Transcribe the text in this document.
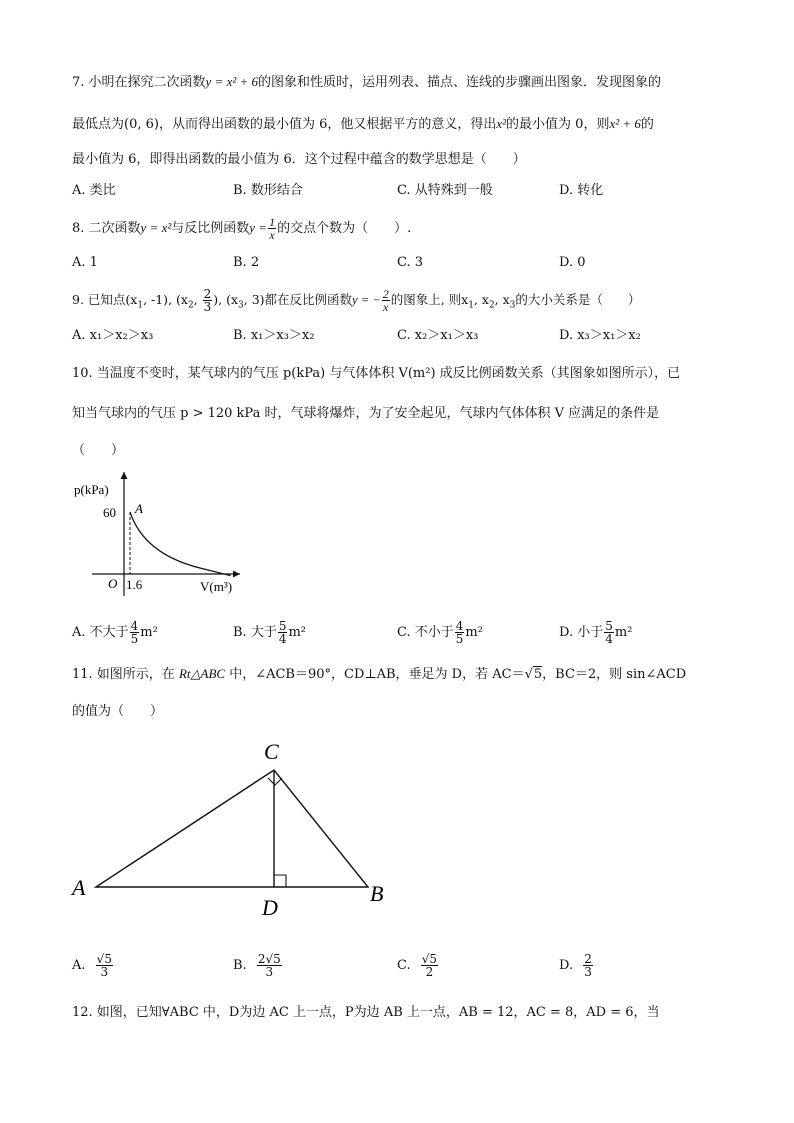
7. 小明在探究二次函数y = x² + 6的图象和性质时，运用列表、描点、连线的步骤画出图象．发现图象的
最低点为(0, 6)，从而得出函数的最小值为 6，他又根据平方的意义，得出x²的最小值为 0，则x² + 6的
最小值为 6，即得出函数的最小值为 6．这个过程中蕴含的数学思想是（　　）
A. 类比	B. 数形结合	C. 从特殊到一般	D. 转化
8. 二次函数y = x²与反比例函数$y = \frac{1}{x}$ 的交点个数为（　　）.
A. 1	B. 2	C. 3	D. 0
9. 已知点($x_1$, -1), ($x_2$, $\frac{2}{3}$ ), ($x_3$, 3)都在反比例函数y = − $\frac{2}{x}$ 的图象上, 则$x_1$, $x_2$, $x_3$的大小关系是（　　）
A. x₁＞x₂＞x₃	B. x₁＞x₃＞x₂	C. x₂＞x₁＞x₃	D. x₃＞x₁＞x₂
10. 当温度不变时，某气球内的气压 p(kPa) 与气体体积 V(m²) 成反比例函数关系（其图象如图所示），已
知当气球内的气压 p > 120 kPa 时，气球将爆炸，为了安全起见，气球内气体体积 V 应满足的条件是
（　　）
p(kPa)
60 A
O 1.6	V(m³)
A. 不大于 $\frac{4}{5} m^2$	B. 大于 $\frac{5}{4} m^2$	C. 不小于 $\frac{4}{5} m^2$	D. 小于 $\frac{5}{4} m^2$
11. 如图所示，在 Rt△ABC 中，∠ACB＝90°，CD⊥AB，垂足为 D，若 AC＝√5，BC＝2，则 sin∠ACD
的值为（　　）
A
C
B
D
A. $\frac{√5}{3}$	B. $\frac{2√5}{3}$	C. $\frac{√5}{2}$	D. $\frac{2}{3}$
12. 如图，已知∀ABC 中，D为边 AC 上一点，P为边 AB 上一点，AB = 12，AC = 8，AD = 6，当
